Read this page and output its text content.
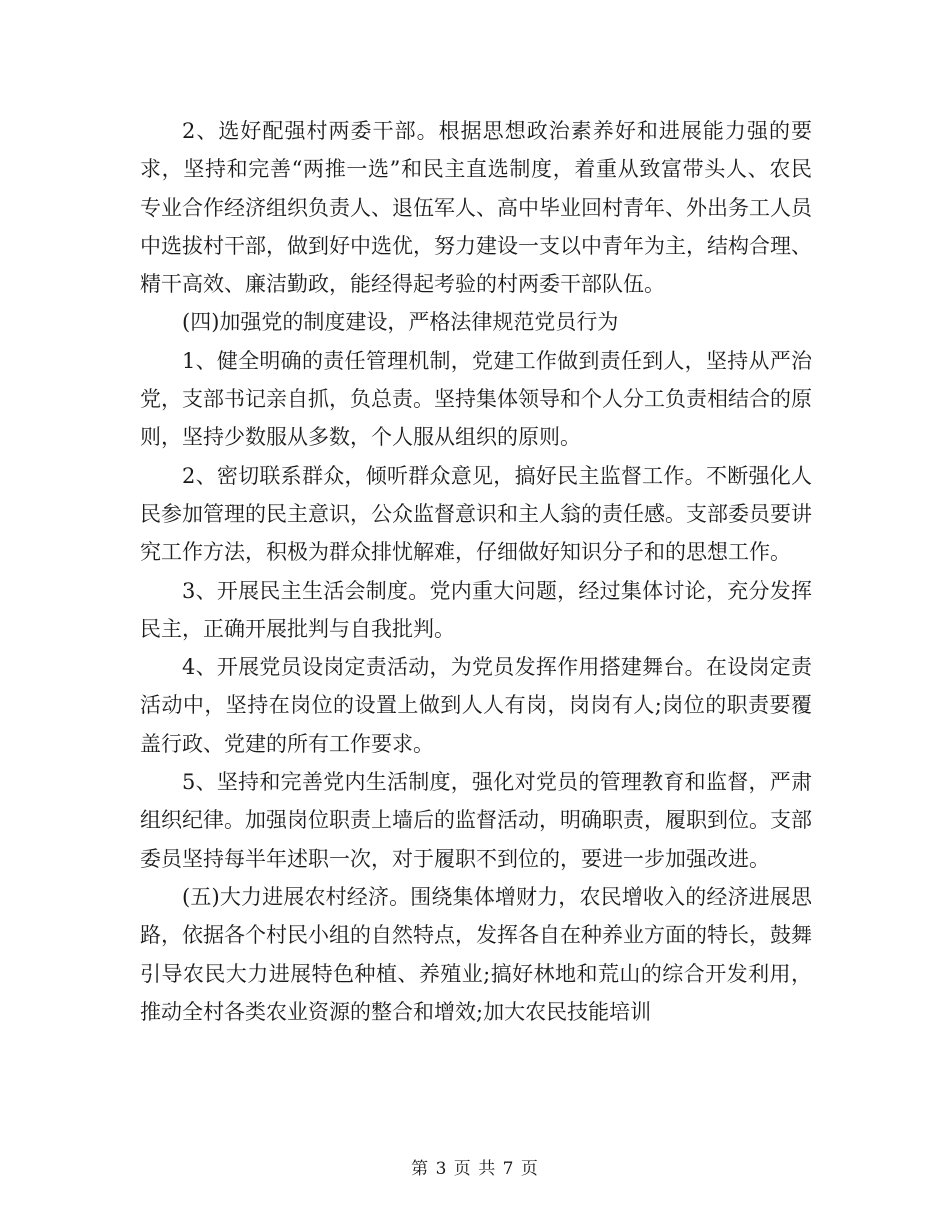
2、选好配强村两委干部。根据思想政治素养好和进展能力强的要求，坚持和完善“两推一选”和民主直选制度，着重从致富带头人、农民专业合作经济组织负责人、退伍军人、高中毕业回村青年、外出务工人员中选拔村干部，做到好中选优，努力建设一支以中青年为主，结构合理、精干高效、廉洁勤政，能经得起考验的村两委干部队伍。

(四)加强党的制度建设，严格法律规范党员行为

1、健全明确的责任管理机制，党建工作做到责任到人，坚持从严治党，支部书记亲自抓，负总责。坚持集体领导和个人分工负责相结合的原则，坚持少数服从多数，个人服从组织的原则。

2、密切联系群众，倾听群众意见，搞好民主监督工作。不断强化人民参加管理的民主意识，公众监督意识和主人翁的责任感。支部委员要讲究工作方法，积极为群众排忧解难，仔细做好知识分子和的思想工作。

3、开展民主生活会制度。党内重大问题，经过集体讨论，充分发挥民主，正确开展批判与自我批判。

4、开展党员设岗定责活动，为党员发挥作用搭建舞台。在设岗定责活动中，坚持在岗位的设置上做到人人有岗，岗岗有人;岗位的职责要覆盖行政、党建的所有工作要求。

5、坚持和完善党内生活制度，强化对党员的管理教育和监督，严肃组织纪律。加强岗位职责上墙后的监督活动，明确职责，履职到位。支部委员坚持每半年述职一次，对于履职不到位的，要进一步加强改进。

(五)大力进展农村经济。围绕集体增财力，农民增收入的经济进展思路，依据各个村民小组的自然特点，发挥各自在种养业方面的特长，鼓舞引导农民大力进展特色种植、养殖业;搞好林地和荒山的综合开发利用，推动全村各类农业资源的整合和增效;加大农民技能培训

第 3 页 共 7 页
